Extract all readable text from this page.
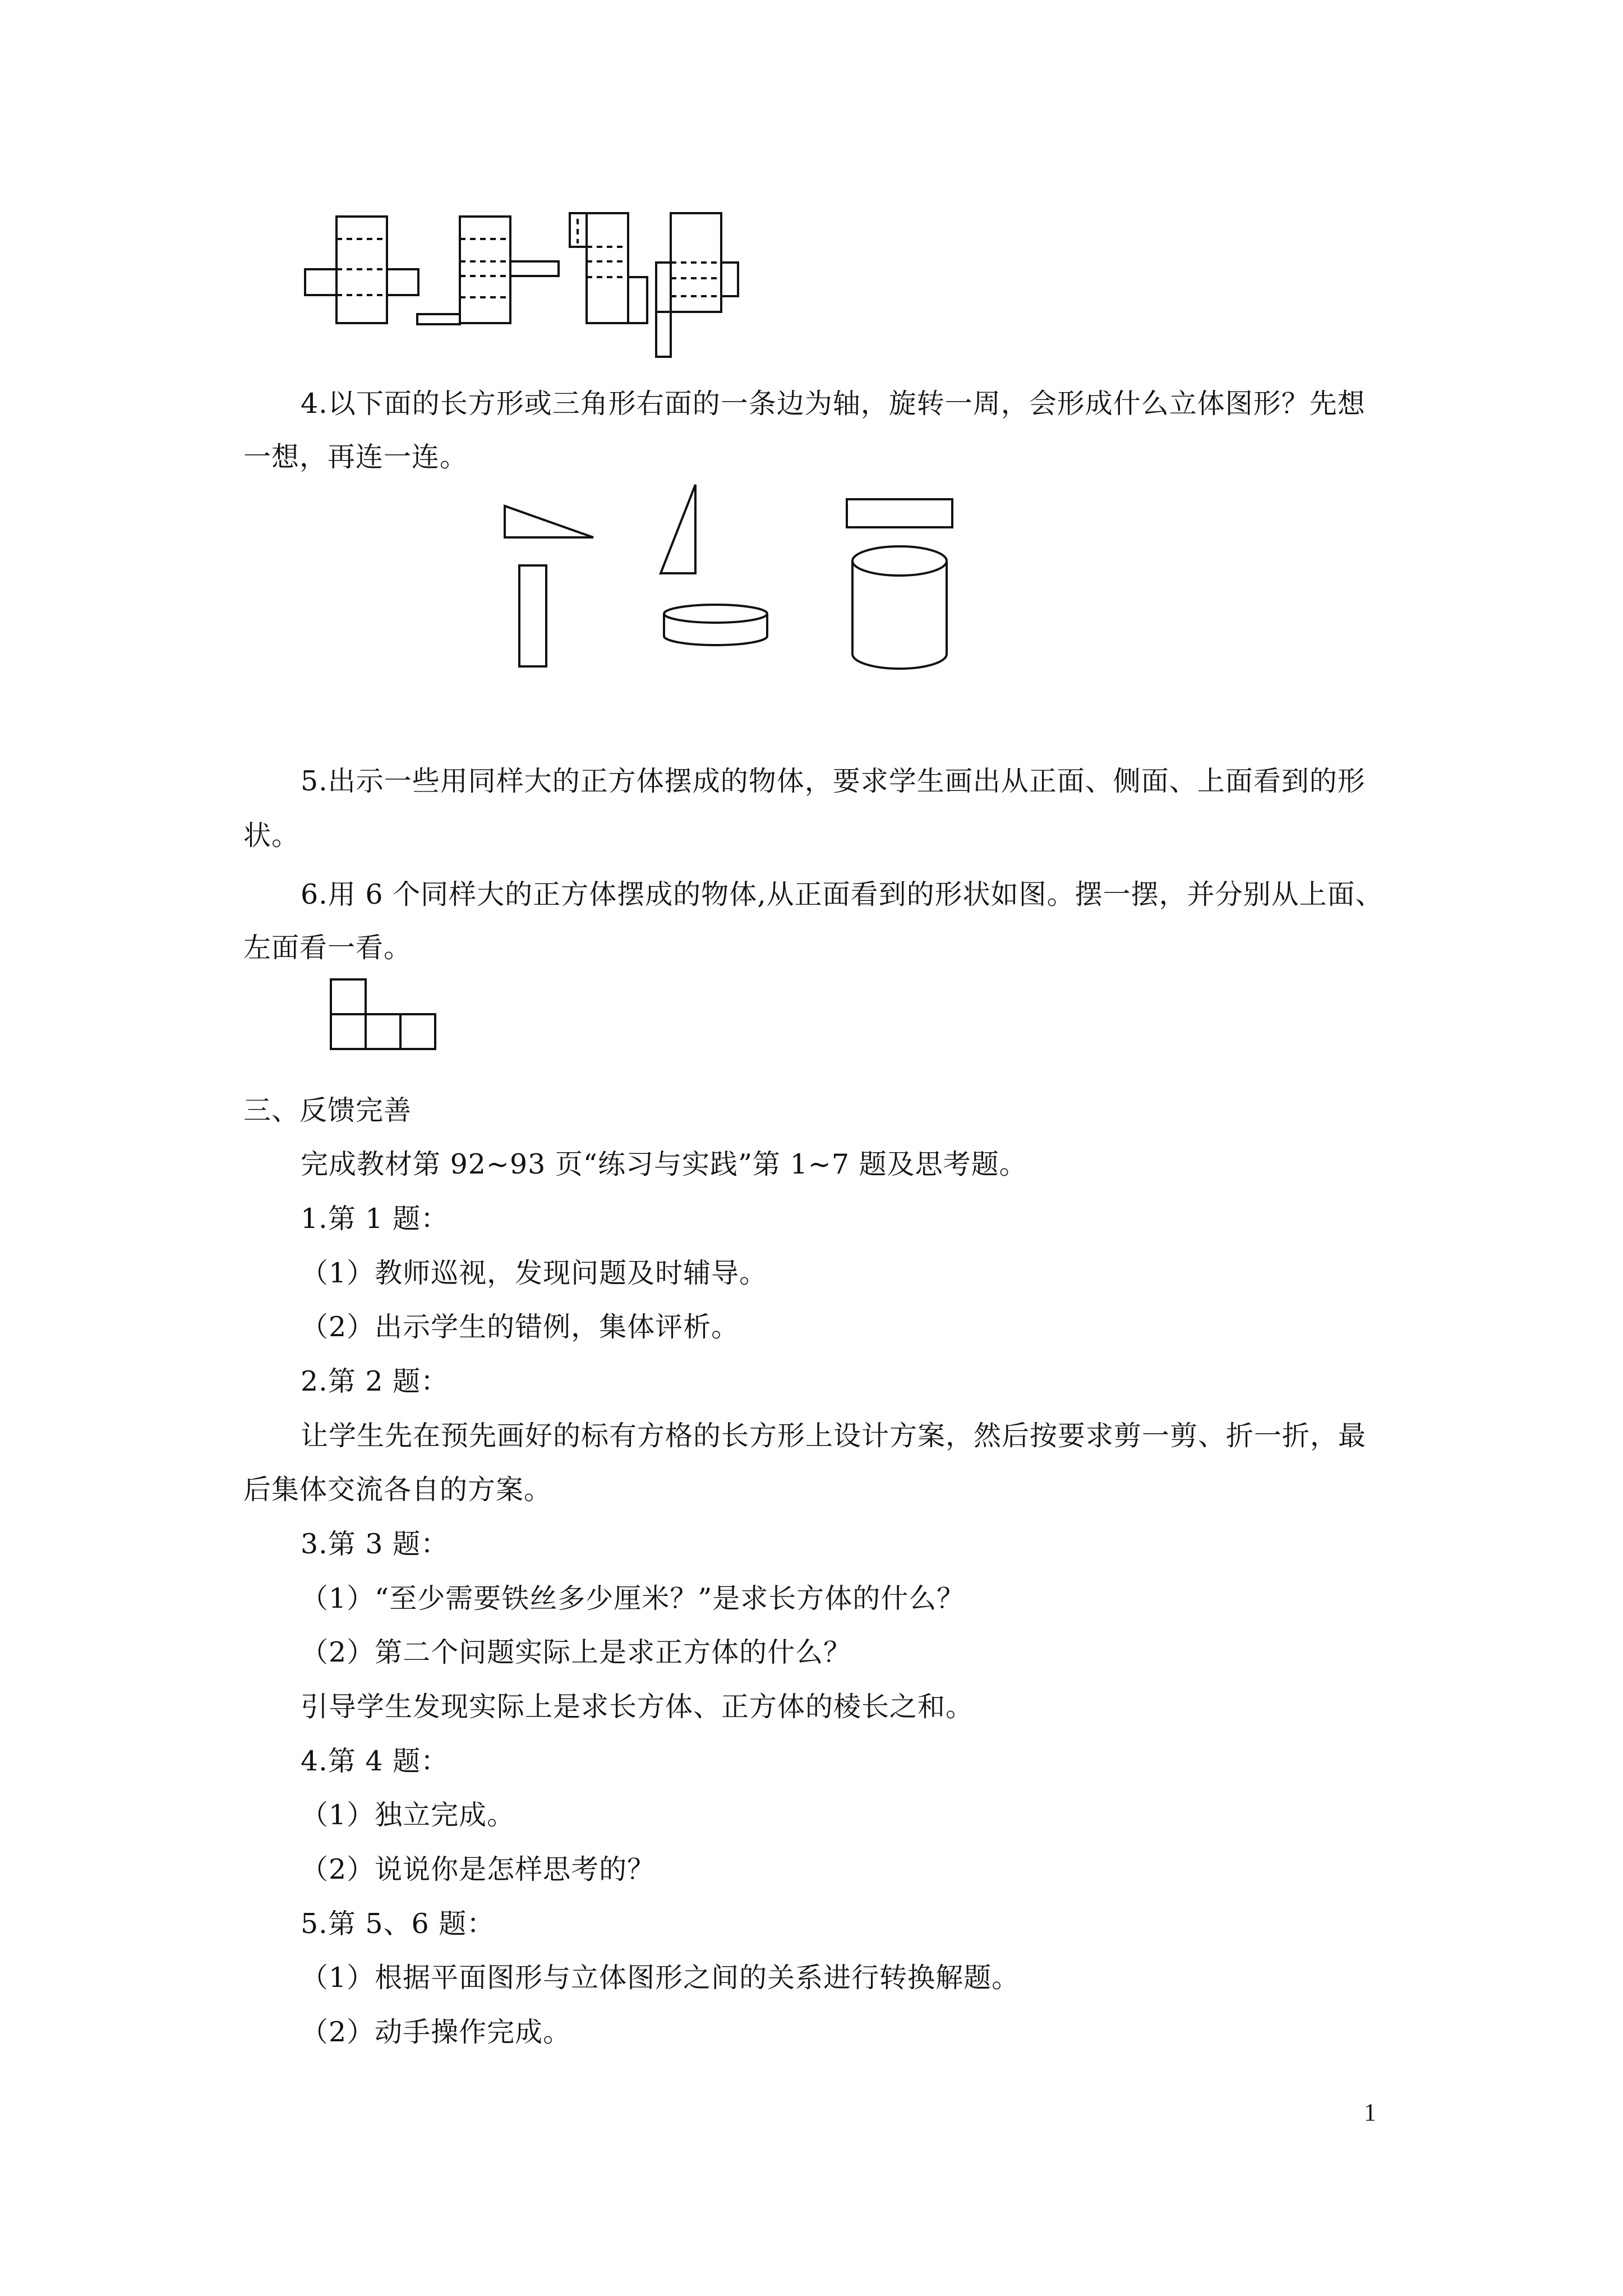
4.以下面的长方形或三角形右面的一条边为轴，旋转一周，会形成什么立体图形？先想
一想，再连一连。
5.出示一些用同样大的正方体摆成的物体，要求学生画出从正面、侧面、上面看到的形
状。
6.用 6 个同样大的正方体摆成的物体,从正面看到的形状如图。摆一摆，并分别从上面、
左面看一看。
三、反馈完善
完成教材第 92~93 页“练习与实践”第 1~7 题及思考题。
1.第 1 题：
（1）教师巡视，发现问题及时辅导。
（2）出示学生的错例，集体评析。
2.第 2 题：
让学生先在预先画好的标有方格的长方形上设计方案，然后按要求剪一剪、折一折，最
后集体交流各自的方案。
3.第 3 题：
（1）“至少需要铁丝多少厘米？”是求长方体的什么？
（2）第二个问题实际上是求正方体的什么？
引导学生发现实际上是求长方体、正方体的棱长之和。
4.第 4 题：
（1）独立完成。
（2）说说你是怎样思考的？
5.第 5、6 题：
（1）根据平面图形与立体图形之间的关系进行转换解题。
（2）动手操作完成。
1
